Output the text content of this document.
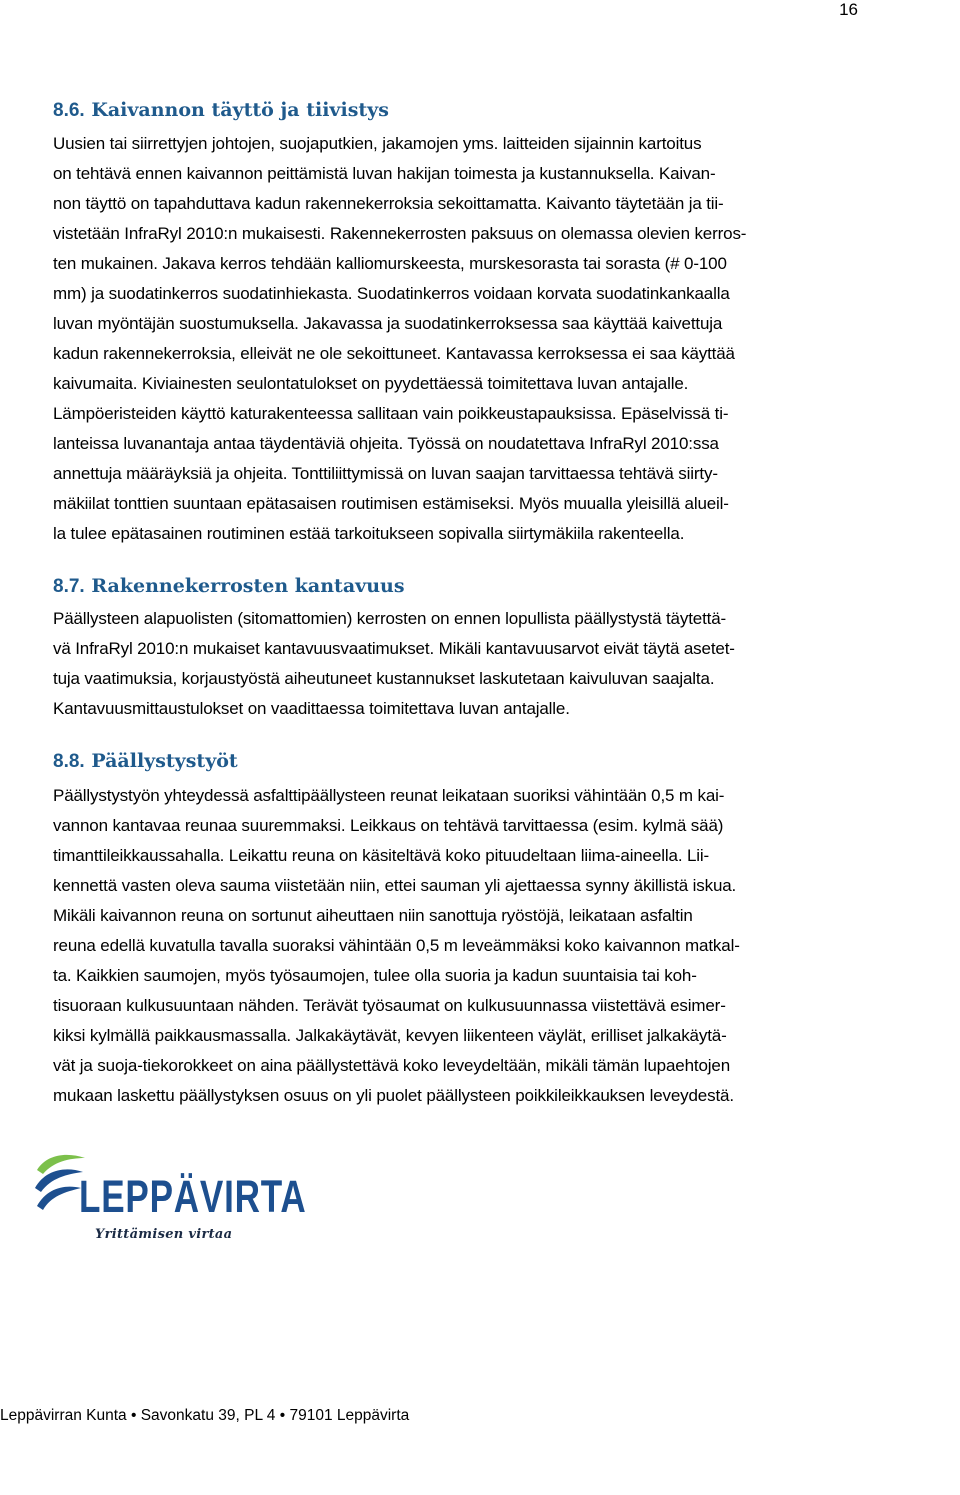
16
8.6. Kaivannon täyttö ja tiivistys

Uusien tai siirrettyjen johtojen, suojaputkien, jakamojen yms. laitteiden sijainnin kartoitus
on tehtävä ennen kaivannon peittämistä luvan hakijan toimesta ja kustannuksella. Kaivan-
non täyttö on tapahduttava kadun rakennekerroksia sekoittamatta. Kaivanto täytetään ja tii-
vistetään InfraRyl 2010:n mukaisesti. Rakennekerrosten paksuus on olemassa olevien kerros-
ten mukainen. Jakava kerros tehdään kalliomurskeesta, murskesorasta tai sorasta (# 0-100
mm) ja suodatinkerros suodatinhiekasta. Suodatinkerros voidaan korvata suodatinkankaalla
luvan myöntäjän suostumuksella. Jakavassa ja suodatinkerroksessa saa käyttää kaivettuja
kadun rakennekerroksia, elleivät ne ole sekoittuneet. Kantavassa kerroksessa ei saa käyttää
kaivumaita. Kiviainesten seulontatulokset on pyydettäessä toimitettava luvan antajalle.
Lämpöeristeiden käyttö katurakenteessa sallitaan vain poikkeustapauksissa. Epäselvissä ti-
lanteissa luvanantaja antaa täydentäviä ohjeita. Työssä on noudatettava InfraRyl 2010:ssa
annettuja määräyksiä ja ohjeita. Tonttiliittymissä on luvan saajan tarvittaessa tehtävä siirty-
mäkiilat tonttien suuntaan epätasaisen routimisen estämiseksi. Myös muualla yleisillä alueil-
la tulee epätasainen routiminen estää tarkoitukseen sopivalla siirtymäkiila rakenteella.

8.7. Rakennekerrosten kantavuus

Päällysteen alapuolisten (sitomattomien) kerrosten on ennen lopullista päällystystä täytettä-
vä InfraRyl 2010:n mukaiset kantavuusvaatimukset. Mikäli kantavuusarvot eivät täytä asetet-
tuja vaatimuksia, korjaustyöstä aiheutuneet kustannukset laskutetaan kaivuluvan saajalta.
Kantavuusmittaustulokset on vaadittaessa toimitettava luvan antajalle.

8.8. Päällystystyöt

Päällystystyön yhteydessä asfalttipäällysteen reunat leikataan suoriksi vähintään 0,5 m kai-
vannon kantavaa reunaa suuremmaksi. Leikkaus on tehtävä tarvittaessa (esim. kylmä sää)
timanttileikkaussahalla. Leikattu reuna on käsiteltävä koko pituudeltaan liima-aineella. Lii-
kennettä vasten oleva sauma viistetään niin, ettei sauman yli ajettaessa synny äkillistä iskua.
Mikäli kaivannon reuna on sortunut aiheuttaen niin sanottuja ryöstöjä, leikataan asfaltin
reuna edellä kuvatulla tavalla suoraksi vähintään 0,5 m leveämmäksi koko kaivannon matkal-
ta. Kaikkien saumojen, myös työsaumojen, tulee olla suoria ja kadun suuntaisia tai koh-
tisuoraan kulkusuuntaan nähden. Terävät työsaumat on kulkusuunnassa viistettävä esimer-
kiksi kylmällä paikkausmassalla. Jalkakäytävät, kevyen liikenteen väylät, erilliset jalkakäytä-
vät ja suoja-tiekorokkeet on aina päällystettävä koko leveydeltään, mikäli tämän lupaehtojen
mukaan laskettu päällystyksen osuus on yli puolet päällysteen poikkileikkauksen leveydestä.

LEPPÄVIRTA
Yrittämisen virtaa
Leppävirran Kunta • Savonkatu 39, PL 4 • 79101 Leppävirta
